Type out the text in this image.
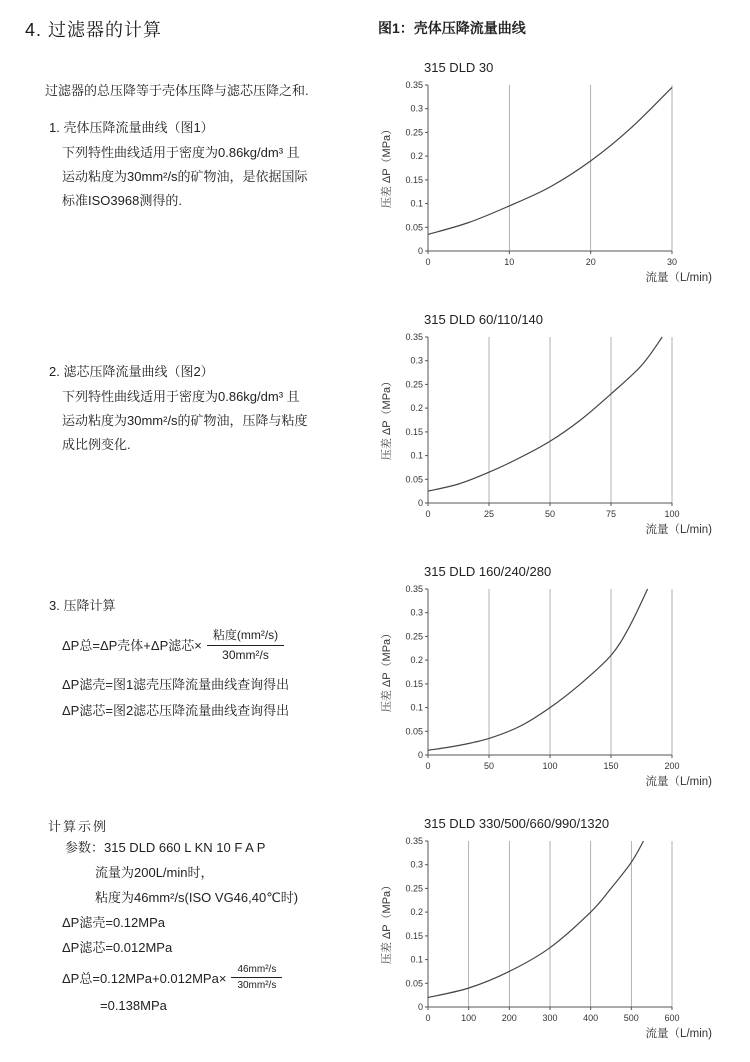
4. 过滤器的计算
过滤器的总压降等于壳体压降与滤芯压降之和.
1. 壳体压降流量曲线（图1）
下列特性曲线适用于密度为0.86kg/dm³ 且
运动粘度为30mm²/s的矿物油，是依据国际
标准ISO3968测得的.
2. 滤芯压降流量曲线（图2）
下列特性曲线适用于密度为0.86kg/dm³ 且
运动粘度为30mm²/s的矿物油，压降与粘度
成比例变化.
3. 压降计算
ΔP总=ΔP壳体+ΔP滤芯× $\frac{\text{粘度(mm²/s)}}{\text{30mm²/s}}$
ΔP滤壳=图1滤壳压降流量曲线查询得出
ΔP滤芯=图2滤芯压降流量曲线查询得出
计算示例
参数：315 DLD 660 L KN 10 F A P
流量为200L/min时，
粘度为46mm²/s(ISO VG46,40℃时)
ΔP滤壳=0.12MPa
ΔP滤芯=0.012MPa
ΔP总$=0.12MPa+0.012MPa\times \frac{\text{46mm²/s}}{\text{30mm²/s}}$
=0.138MPa
图1：壳体压降流量曲线
315 DLD 30
压差 ΔP（MPa）
0
0.05
0.1
0.15
0.2
0.25
0.3
0.35
0	10	20	30
流量（L/min)
315 DLD 60/110/140
压差 ΔP（MPa）
0
0.05
0.1
0.15
0.2
0.25
0.3
0.35
0	25	50	75	100
流量（L/min)
315 DLD 160/240/280
压差 ΔP（MPa）
0
0.05
0.1
0.15
0.2
0.25
0.3
0.35
0	50	100	150	200
流量（L/min)
315 DLD 330/500/660/990/1320
压差 ΔP（MPa）
0
0.05
0.1
0.15
0.2
0.25
0.3
0.35
0	100	200	300	400	500	600
流量（L/min)
